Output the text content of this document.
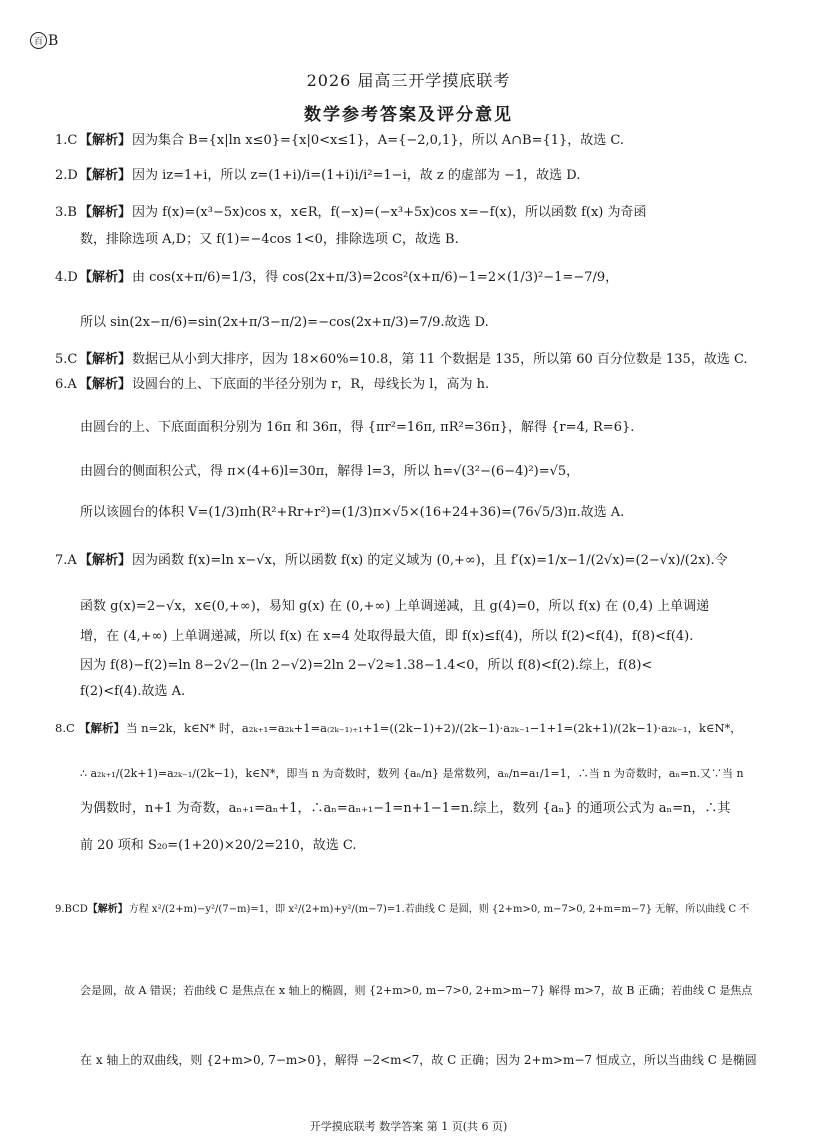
百 B
2026 届高三开学摸底联考
数学参考答案及评分意见
1.C 【解析】因为集合 B={x|ln x≤0}={x|0<x≤1}，A={−2,0,1}，所以 A∩B={1}，故选 C.
2.D【解析】因为 iz=1+i，所以 z=(1+i)/i=(1+i)i/i²=1−i，故 z 的虚部为 −1，故选 D.
3.B 【解析】因为 f(x)=(x³−5x)cos x，x∈R，f(−x)=(−x³+5x)cos x=−f(x)，所以函数 f(x) 为奇函
数，排除选项 A,D；又 f(1)=−4cos 1<0，排除选项 C，故选 B.
4.D【解析】由 cos(x+π/6)=1/3，得 cos(2x+π/3)=2cos²(x+π/6)−1=2×(1/3)²−1=−7/9，
所以 sin(2x−π/6)=sin(2x+π/3−π/2)=−cos(2x+π/3)=7/9.故选 D.
5.C 【解析】数据已从小到大排序，因为 18×60%=10.8，第 11 个数据是 135，所以第 60 百分位数是 135，故选 C.
6.A 【解析】设圆台的上、下底面的半径分别为 r，R，母线长为 l，高为 h.
由圆台的上、下底面面积分别为 16π 和 36π，得 {πr²=16π, πR²=36π}，解得 {r=4, R=6}.
由圆台的侧面积公式，得 π×(4+6)l=30π，解得 l=3，所以 h=√(3²−(6−4)²)=√5，
所以该圆台的体积 V=(1/3)πh(R²+Rr+r²)=(1/3)π×√5×(16+24+36)=(76√5/3)π.故选 A.
7.A 【解析】因为函数 f(x)=ln x−√x，所以函数 f(x) 的定义域为 (0,+∞)，且 f′(x)=1/x−1/(2√x)=(2−√x)/(2x).令
函数 g(x)=2−√x，x∈(0,+∞)，易知 g(x) 在 (0,+∞) 上单调递减，且 g(4)=0，所以 f(x) 在 (0,4) 上单调递
增，在 (4,+∞) 上单调递减，所以 f(x) 在 x=4 处取得最大值，即 f(x)≤f(4)，所以 f(2)<f(4)，f(8)<f(4).
因为 f(8)−f(2)=ln 8−2√2−(ln 2−√2)=2ln 2−√2≈1.38−1.4<0，所以 f(8)<f(2).综上，f(8)<
f(2)<f(4).故选 A.
8.C 【解析】当 n=2k，k∈N* 时，a₂ₖ₊₁=a₂ₖ+1=a₍₂ₖ₋₁₎₊₁+1=((2k−1)+2)/(2k−1)·a₂ₖ₋₁−1+1=(2k+1)/(2k−1)·a₂ₖ₋₁，k∈N*，
∴ a₂ₖ₊₁/(2k+1)=a₂ₖ₋₁/(2k−1)，k∈N*，即当 n 为奇数时，数列 {aₙ/n} 是常数列，aₙ/n=a₁/1=1，∴当 n 为奇数时，aₙ=n.又∵当 n
为偶数时，n+1 为奇数，aₙ₊₁=aₙ+1，∴aₙ=aₙ₊₁−1=n+1−1=n.综上，数列 {aₙ} 的通项公式为 aₙ=n，∴其
前 20 项和 S₂₀=(1+20)×20/2=210，故选 C.
9.BCD【解析】方程 x²/(2+m)−y²/(7−m)=1，即 x²/(2+m)+y²/(m−7)=1.若曲线 C 是圆，则 {2+m>0, m−7>0, 2+m=m−7} 无解，所以曲线 C 不
会是圆，故 A 错误；若曲线 C 是焦点在 x 轴上的椭圆，则 {2+m>0, m−7>0, 2+m>m−7} 解得 m>7，故 B 正确；若曲线 C 是焦点
在 x 轴上的双曲线，则 {2+m>0, 7−m>0}，解得 −2<m<7，故 C 正确；因为 2+m>m−7 恒成立，所以当曲线 C 是椭圆
开学摸底联考 数学答案 第 1 页(共 6 页)
